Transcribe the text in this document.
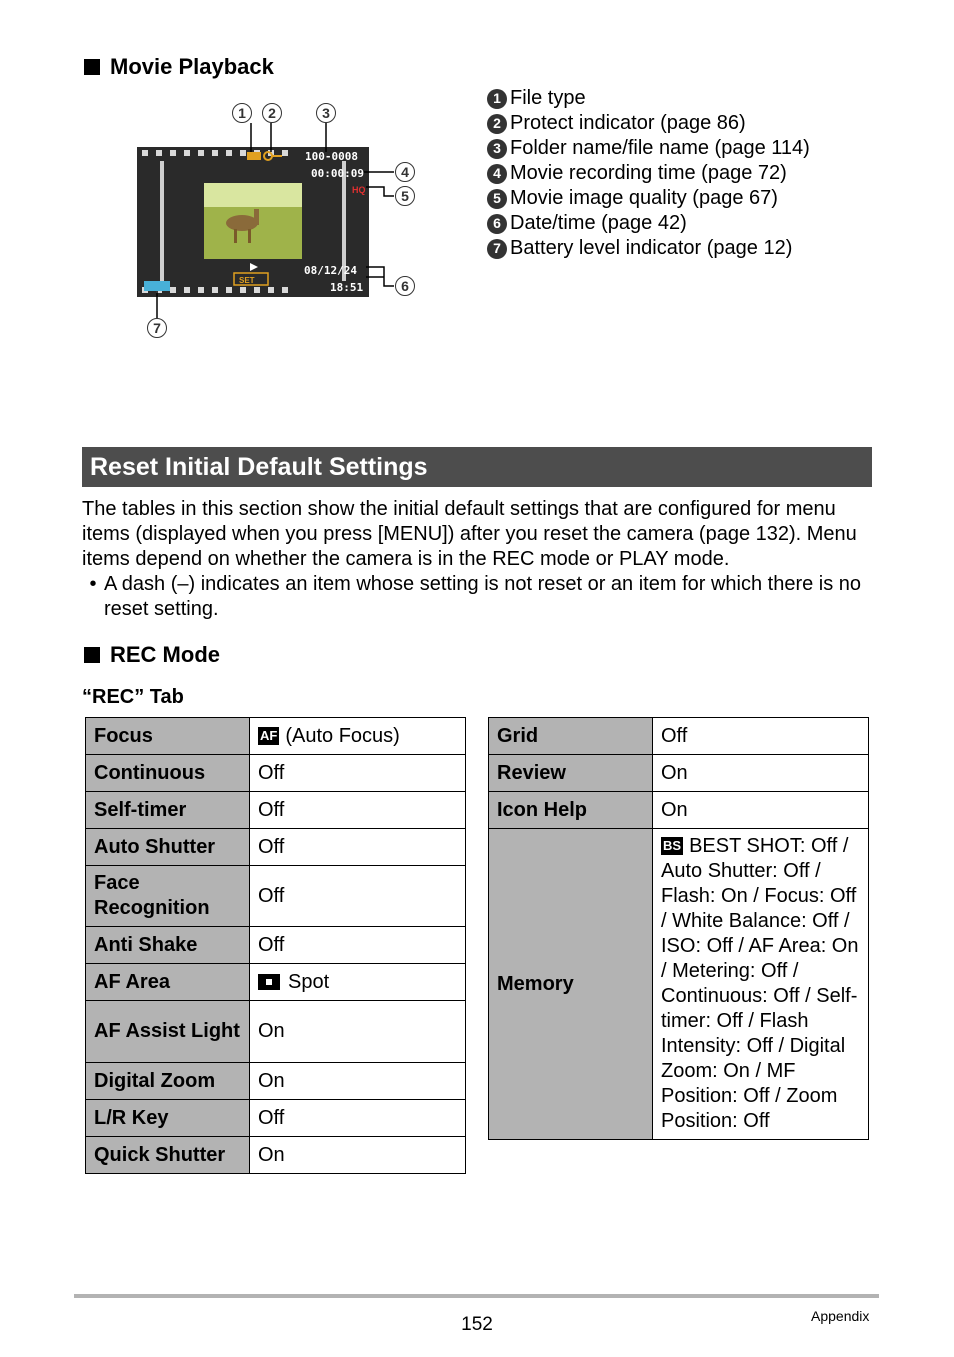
Movie Playback
100-0008
00:00:09
HQ
08/12/24
18:51
SET
1	2	3
4
5
6
7
1 File type
2 Protect indicator (page 86)
3 Folder name/file name (page 114)
4 Movie recording time (page 72)
5 Movie image quality (page 67)
6 Date/time (page 42)
7 Battery level indicator (page 12)
Reset Initial Default Settings
The tables in this section show the initial default settings that are configured for menu items (displayed when you press [MENU]) after you reset the camera (page 132). Menu items depend on whether the camera is in the REC mode or PLAY mode.
• A dash (–) indicates an item whose setting is not reset or an item for which there is no reset setting.
REC Mode
“REC” Tab
Focus	AF (Auto Focus)
Continuous	Off
Self-timer	Off
Auto Shutter	Off
Face Recognition	Off
Anti Shake	Off
AF Area	Spot
AF Assist Light	On
Digital Zoom	On
L/R Key	Off
Quick Shutter	On
Grid	Off
Review	On
Icon Help	On
Memory	BS BEST SHOT: Off / Auto Shutter: Off / Flash: On / Focus: Off / White Balance: Off / ISO: Off / AF Area: On / Metering: Off / Continuous: Off / Self-timer: Off / Flash Intensity: Off / Digital Zoom: On / MF Position: Off / Zoom Position: Off
152	Appendix
